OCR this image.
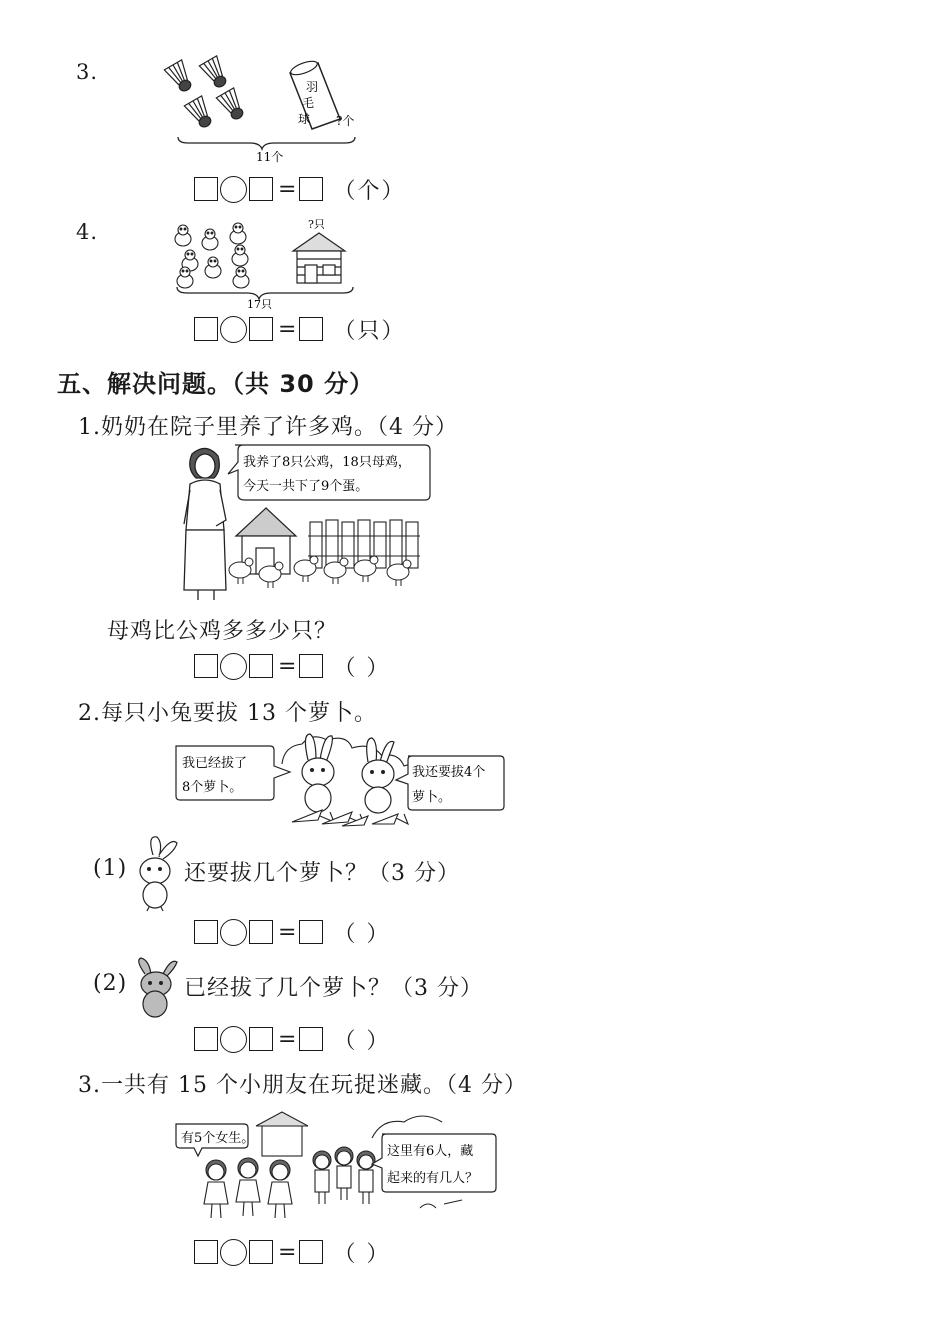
3.
羽
毛
球 ?个
11个
= （个）
4.	?只
17只
= （只）
五、解决问题。（共 30 分）
1.奶奶在院子里养了许多鸡。（4 分）
我养了8只公鸡，18只母鸡，
今天一共下了9个蛋。
母鸡比公鸡多多少只？
= （ ）
2.每只小兔要拔 13 个萝卜。
我已经拔了
8个萝卜。
我还要拔4个
萝卜。
(1)	还要拔几个萝卜？（3 分）
= （ ）
(2)	已经拔了几个萝卜？（3 分）
= （ ）
3.一共有 15 个小朋友在玩捉迷藏。（4 分）
有5个女生。
这里有6人，藏
起来的有几人？
= （ ）
